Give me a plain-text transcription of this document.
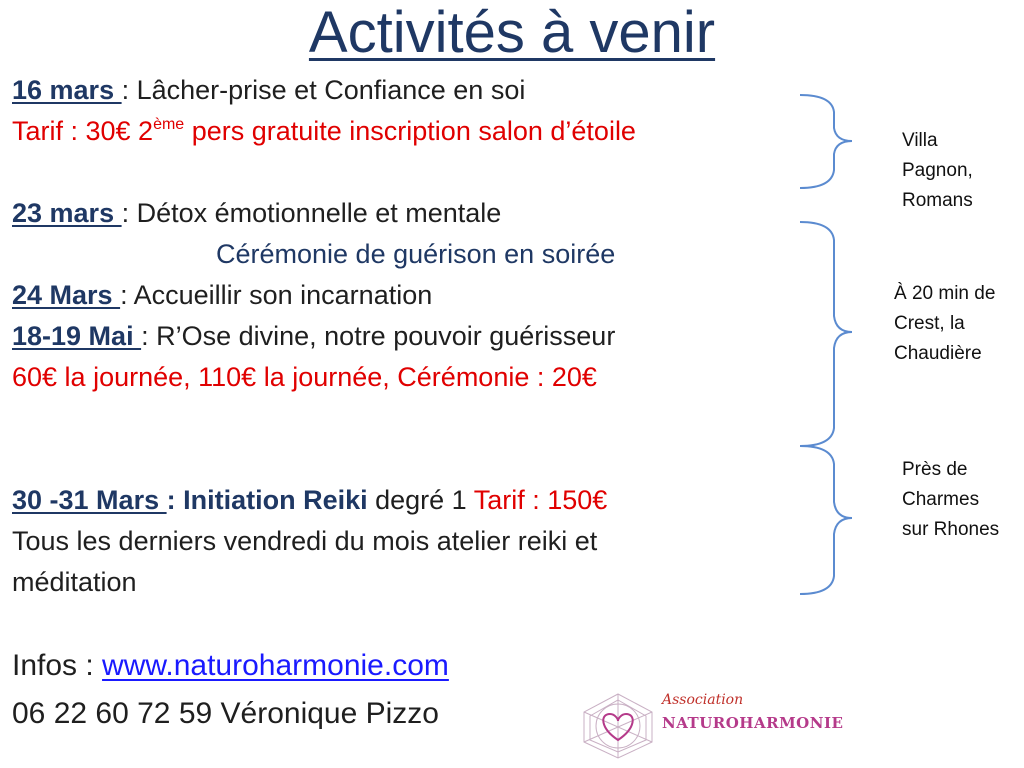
Activités à venir
16 mars : Lâcher-prise et Confiance en soi
Tarif : 30€ 2ème pers gratuite inscription salon d’étoile
23 mars : Détox émotionnelle et mentale
Cérémonie de guérison en soirée
24 Mars : Accueillir son incarnation
18-19 Mai : R’Ose divine, notre pouvoir guérisseur
60€ la journée, 110€ la journée, Cérémonie : 20€
30 -31 Mars : Initiation Reiki degré 1 Tarif : 150€
Tous les derniers vendredi du mois atelier reiki et
méditation
Infos : www.naturoharmonie.com
06 22 60 72 59 Véronique Pizzo
Villa Pagnon, Romans
À 20 min de Crest, la Chaudière
Près de Charmes sur Rhones
Association
NATUROHARMONIE
